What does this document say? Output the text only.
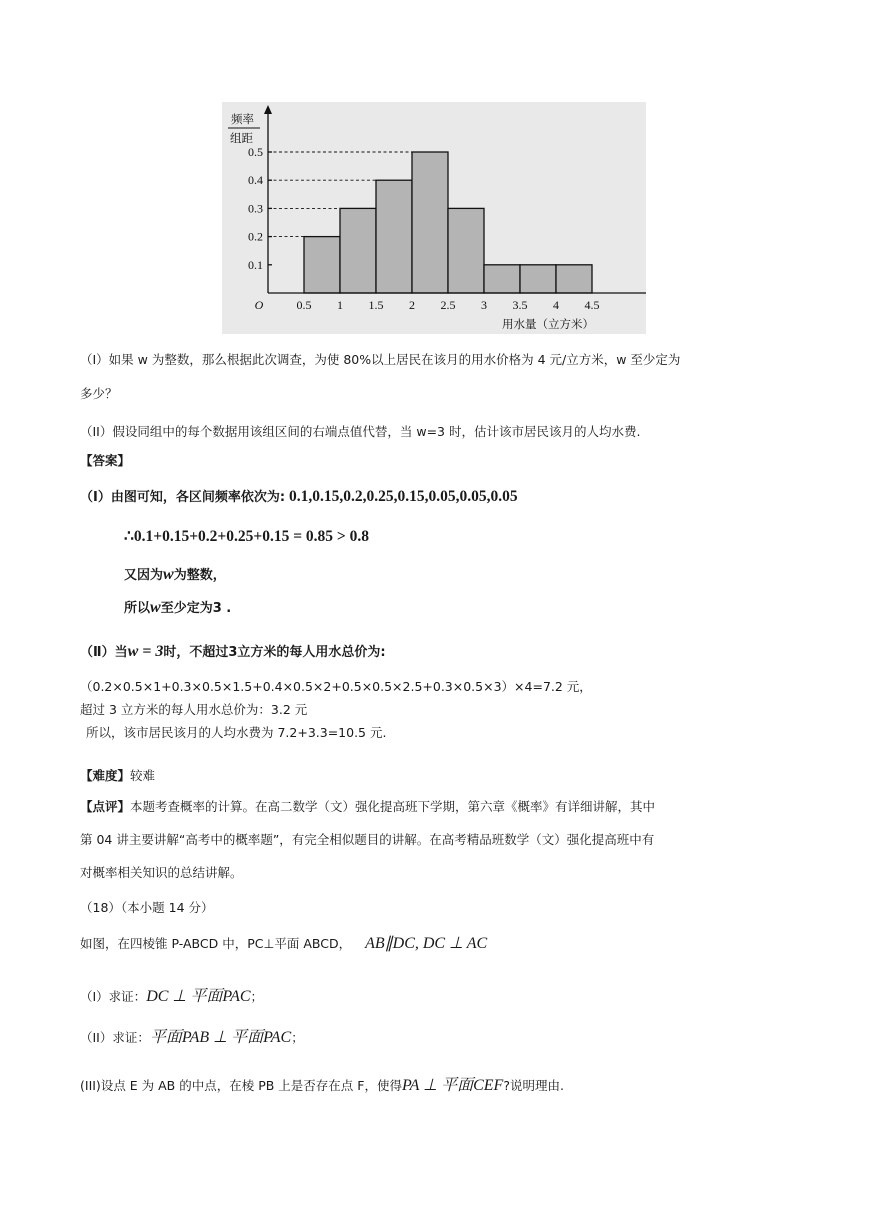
0.1
0.2
0.3
0.4
0.5
0.5 1 1.5 2 2.5 3 3.5 4 4.5
O
频率
组距
用水量（立方米）
（I）如果 w 为整数，那么根据此次调查，为使 80%以上居民在该月的用水价格为 4 元/立方米，w 至少定为
多少？
（II）假设同组中的每个数据用该组区间的右端点值代替，当 w=3 时，估计该市居民该月的人均水费.
【答案】
（Ⅰ）由图可知，各区间频率依次为: 0.1,0.15,0.2,0.25,0.15,0.05,0.05,0.05
∴0.1+0.15+0.2+0.25+0.15 = 0.85 > 0.8
又因为w为整数，
所以w至少定为3 .
（Ⅱ）当w = 3时，不超过3立方米的每人用水总价为:
（0.2×0.5×1+0.3×0.5×1.5+0.4×0.5×2+0.5×0.5×2.5+0.3×0.5×3）×4=7.2 元，
超过 3 立方米的每人用水总价为：3.2 元
所以，该市居民该月的人均水费为 7.2+3.3=10.5 元.
【难度】较难
【点评】本题考查概率的计算。在高二数学（文）强化提高班下学期，第六章《概率》有详细讲解，其中
第 04 讲主要讲解“高考中的概率题”，有完全相似题目的讲解。在高考精品班数学（文）强化提高班中有
对概率相关知识的总结讲解。
（18）（本小题 14 分）
如图，在四棱锥 P-ABCD 中，PC⊥平面 ABCD， AB∥DC, DC ⊥ AC
（I）求证：DC ⊥ 平面PAC；
（II）求证：平面PAB ⊥ 平面PAC；
(III)设点 E 为 AB 的中点，在棱 PB 上是否存在点 F，使得PA ⊥ 平面CEF?说明理由.
